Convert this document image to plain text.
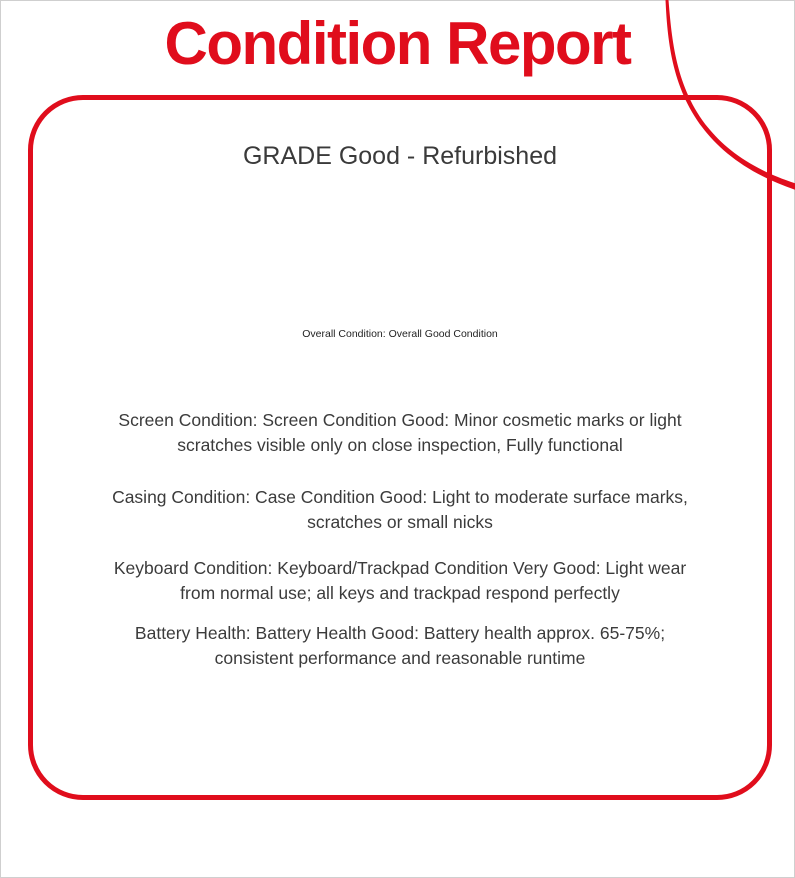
Condition Report
GRADE Good - Refurbished
Overall Condition: Overall Good Condition
Screen Condition: Screen Condition Good: Minor cosmetic marks or light
scratches visible only on close inspection, Fully functional
Casing Condition: Case Condition Good: Light to moderate surface marks,
scratches or small nicks
Keyboard Condition: Keyboard/Trackpad Condition Very Good: Light wear
from normal use; all keys and trackpad respond perfectly
Battery Health: Battery Health Good: Battery health approx. 65-75%;
consistent performance and reasonable runtime
